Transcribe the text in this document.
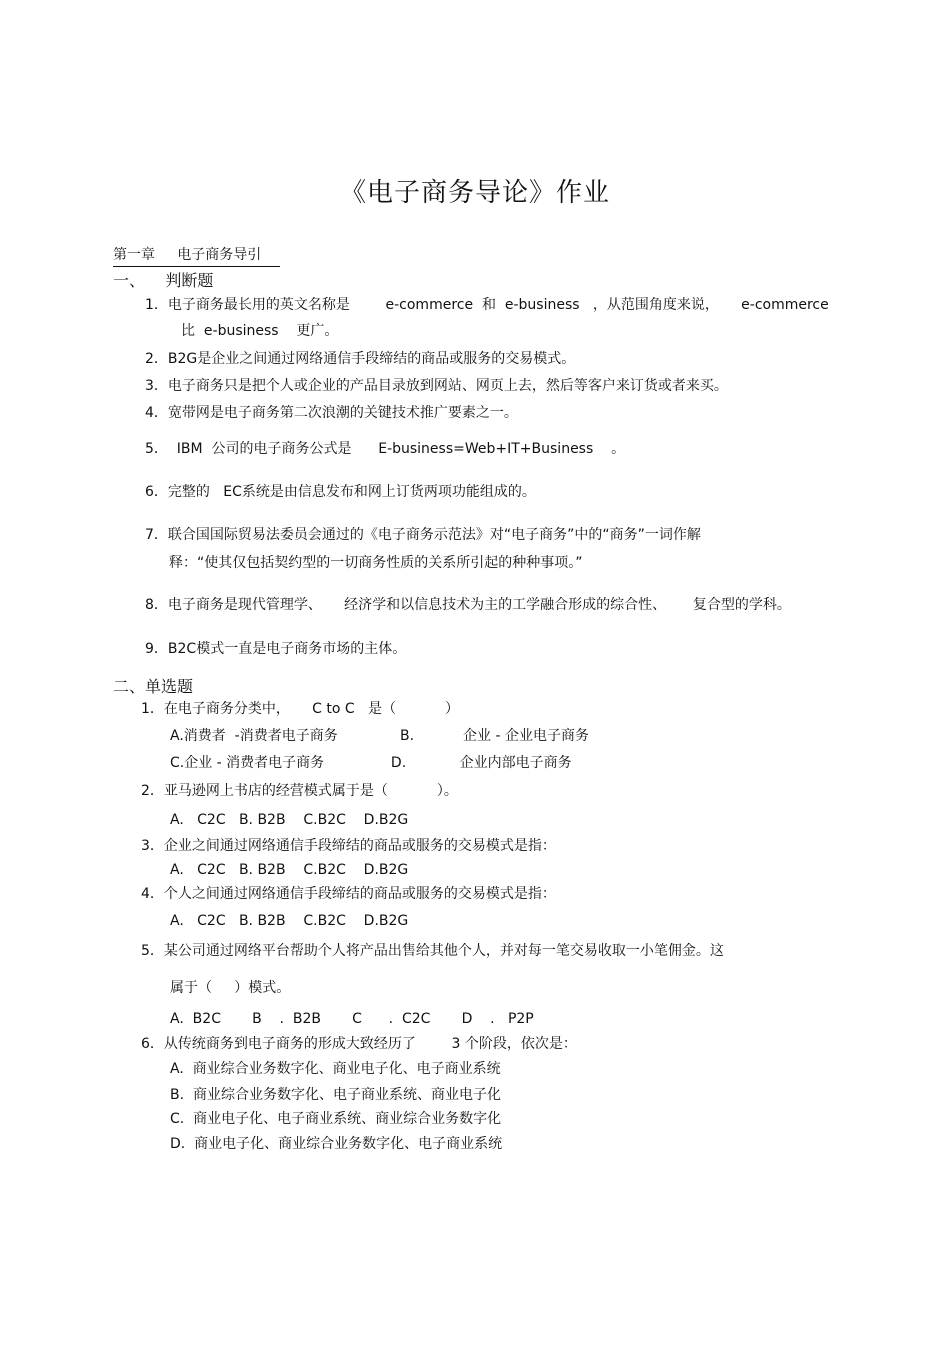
《电子商务导论》作业
第一章     电子商务导引
一、    判断题
1．电子商务最长用的英文名称是        e-commerce  和  e-business   ，从范围角度来说，     e-commerce
比  e-business    更广。
2．B2G是企业之间通过网络通信手段缔结的商品或服务的交易模式。
3．电子商务只是把个人或企业的产品目录放到网站、网页上去，然后等客户来订货或者来买。
4．宽带网是电子商务第二次浪潮的关键技术推广要素之一。
5．  IBM  公司的电子商务公式是      E-business=Web+IT+Business    。
6．完整的   EC系统是由信息发布和网上订货两项功能组成的。
7．联合国国际贸易法委员会通过的《电子商务示范法》对“电子商务”中的“商务”一词作解
释：“使其仅包括契约型的一切商务性质的关系所引起的种种事项。”
8．电子商务是现代管理学、     经济学和以信息技术为主的工学融合形成的综合性、      复合型的学科。
9．B2C模式一直是电子商务市场的主体。
二、单选题
1．在电子商务分类中，     C to C   是（           ）
A.消费者  -消费者电子商务              B.           企业 - 企业电子商务
C.企业 - 消费者电子商务               D.            企业内部电子商务
2．亚马逊网上书店的经营模式属于是（           ）。
A.   C2C   B. B2B    C.B2C    D.B2G
3．企业之间通过网络通信手段缔结的商品或服务的交易模式是指：
A.   C2C   B. B2B    C.B2C    D.B2G
4．个人之间通过网络通信手段缔结的商品或服务的交易模式是指：
A.   C2C   B. B2B    C.B2C    D.B2G
5．某公司通过网络平台帮助个人将产品出售给其他个人，并对每一笔交易收取一小笔佣金。这
属于（     ）模式。
A.  B2C       B    .  B2B       C      .  C2C       D    .   P2P
6．从传统商务到电子商务的形成大致经历了        3 个阶段，依次是：
A.  商业综合业务数字化、商业电子化、电子商业系统
B.  商业综合业务数字化、电子商业系统、商业电子化
C.  商业电子化、电子商业系统、商业综合业务数字化
D.  商业电子化、商业综合业务数字化、电子商业系统
